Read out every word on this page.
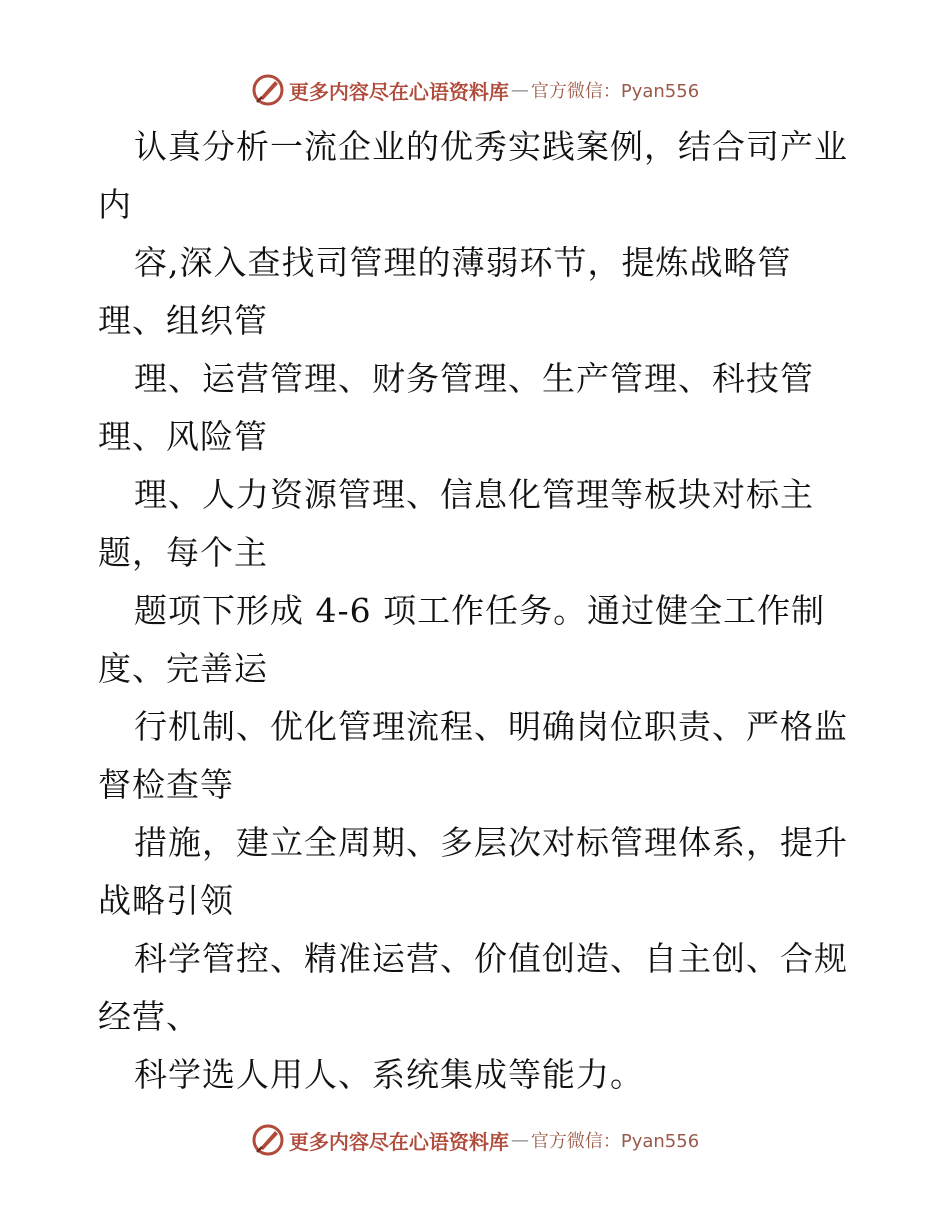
更多内容尽在心语资料库 — 官方微信：Pyan556
认真分析一流企业的优秀实践案例，结合司产业
内
容,深入查找司管理的薄弱环节，提炼战略管
理、组织管
理、运营管理、财务管理、生产管理、科技管
理、风险管
理、人力资源管理、信息化管理等板块对标主
题，每个主
题项下形成 4-6 项工作任务。通过健全工作制
度、完善运
行机制、优化管理流程、明确岗位职责、严格监
督检查等
措施，建立全周期、多层次对标管理体系，提升
战略引领
科学管控、精准运营、价值创造、自主创、合规
经营、
科学选人用人、系统集成等能力。
更多内容尽在心语资料库 — 官方微信：Pyan556
